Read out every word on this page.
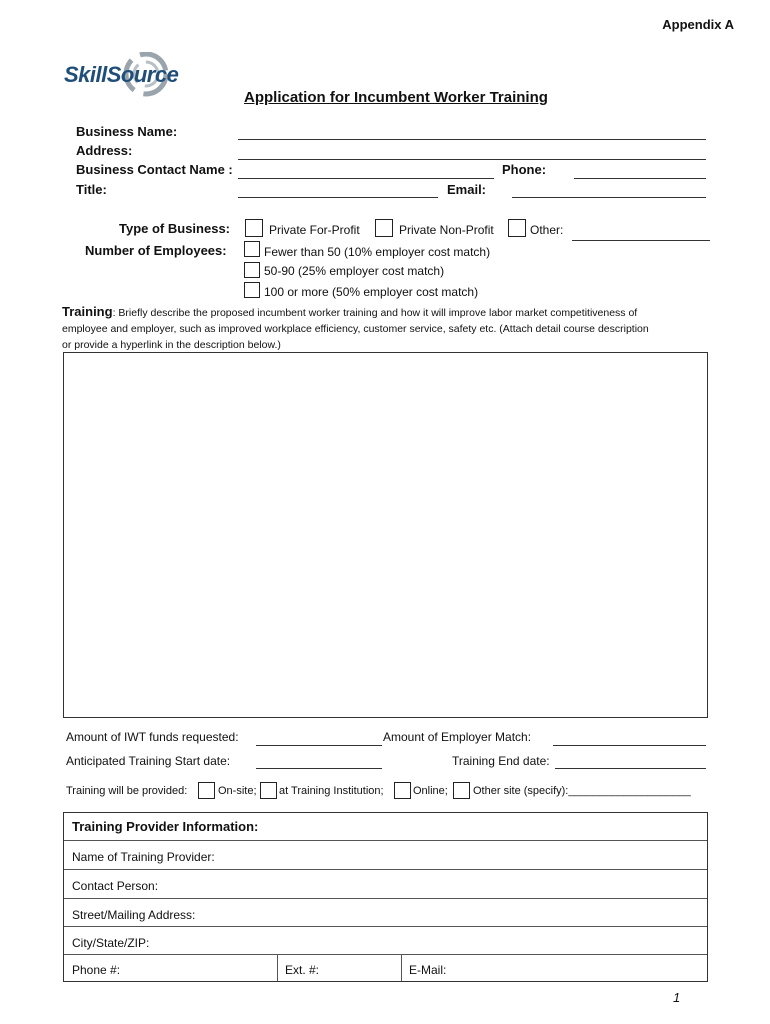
Appendix A
SkillSource
Application for Incumbent Worker Training
Business Name:
Address:
Business Contact Name :	Phone:
Title:	Email:
Type of Business:	Private For-Profit	Private Non-Profit	Other:
Number of Employees:	Fewer than 50 (10% employer cost match)
50-90 (25% employer cost match)
100 or more (50% employer cost match)
Training: Briefly describe the proposed incumbent worker training and how it will improve labor market competitiveness of
employee and employer, such as improved workplace efficiency, customer service, safety etc. (Attach detail course description
or provide a hyperlink in the description below.)
Amount of IWT funds requested:	Amount of Employer Match:
Anticipated Training Start date:	Training End date:
Training will be provided:	On-site; at Training Institution;	Online; Other site (specify):____________________
Training Provider Information:
Name of Training Provider:
Contact Person:
Street/Mailing Address:
City/State/ZIP:
Phone #:	Ext. #:	E-Mail:
1
